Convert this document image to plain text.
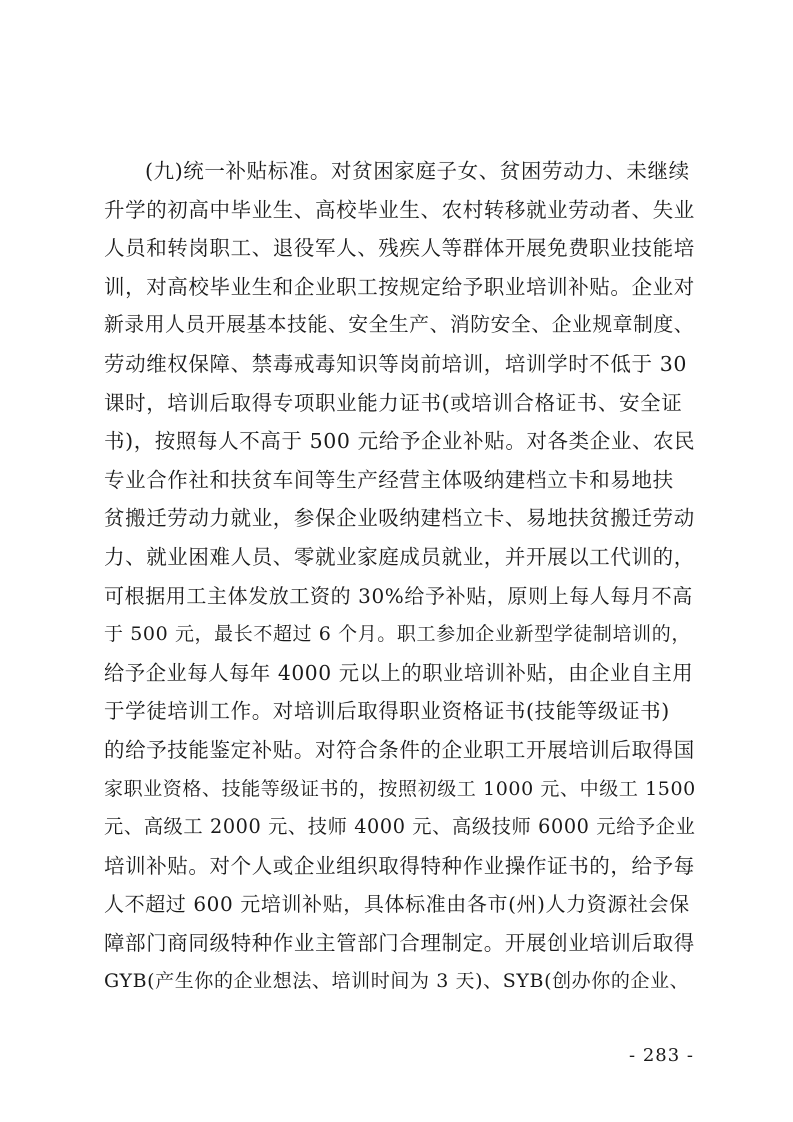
(九)统一补贴标准。对贫困家庭子女、贫困劳动力、未继续
升学的初高中毕业生、高校毕业生、农村转移就业劳动者、失业
人员和转岗职工、退役军人、残疾人等群体开展免费职业技能培
训，对高校毕业生和企业职工按规定给予职业培训补贴。企业对
新录用人员开展基本技能、安全生产、消防安全、企业规章制度、
劳动维权保障、禁毒戒毒知识等岗前培训，培训学时不低于 30
课时，培训后取得专项职业能力证书(或培训合格证书、安全证
书)，按照每人不高于 500 元给予企业补贴。对各类企业、农民
专业合作社和扶贫车间等生产经营主体吸纳建档立卡和易地扶
贫搬迁劳动力就业，参保企业吸纳建档立卡、易地扶贫搬迁劳动
力、就业困难人员、零就业家庭成员就业，并开展以工代训的，
可根据用工主体发放工资的 30%给予补贴，原则上每人每月不高
于 500 元，最长不超过 6 个月。职工参加企业新型学徒制培训的，
给予企业每人每年 4000 元以上的职业培训补贴，由企业自主用
于学徒培训工作。对培训后取得职业资格证书(技能等级证书)
的给予技能鉴定补贴。对符合条件的企业职工开展培训后取得国
家职业资格、技能等级证书的，按照初级工 1000 元、中级工 1500
元、高级工 2000 元、技师 4000 元、高级技师 6000 元给予企业
培训补贴。对个人或企业组织取得特种作业操作证书的，给予每
人不超过 600 元培训补贴，具体标准由各市(州)人力资源社会保
障部门商同级特种作业主管部门合理制定。开展创业培训后取得
GYB(产生你的企业想法、培训时间为 3 天)、SYB(创办你的企业、
- 283 -
